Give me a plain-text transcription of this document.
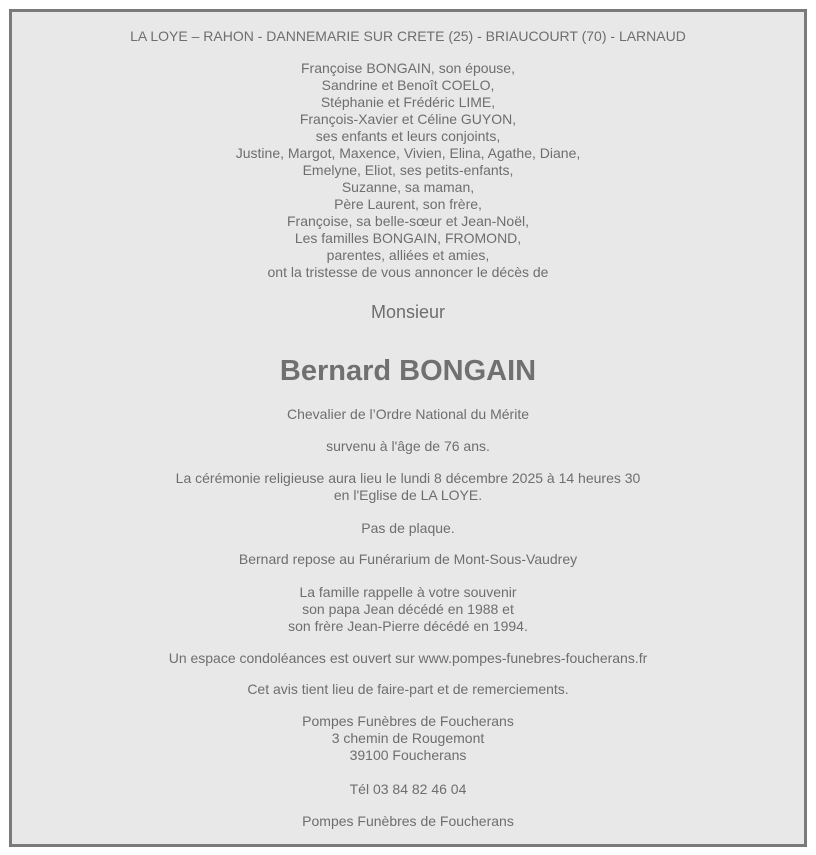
LA LOYE – RAHON - DANNEMARIE SUR CRETE (25) - BRIAUCOURT (70) - LARNAUD
Françoise BONGAIN, son épouse,
Sandrine et Benoît COELO,
Stéphanie et Frédéric LIME,
François-Xavier et Céline GUYON,
ses enfants et leurs conjoints,
Justine, Margot, Maxence, Vivien, Elina, Agathe, Diane,
Emelyne, Eliot, ses petits-enfants,
Suzanne, sa maman,
Père Laurent, son frère,
Françoise, sa belle-sœur et Jean-Noël,
Les familles BONGAIN, FROMOND,
parentes, alliées et amies,
ont la tristesse de vous annoncer le décès de
Monsieur
Bernard BONGAIN
Chevalier de l’Ordre National du Mérite
survenu à l'âge de 76 ans.
La cérémonie religieuse aura lieu le lundi 8 décembre 2025 à 14 heures 30
en l'Eglise de LA LOYE.
Pas de plaque.
Bernard repose au Funérarium de Mont-Sous-Vaudrey
La famille rappelle à votre souvenir
son papa Jean décédé en 1988 et
son frère Jean-Pierre décédé en 1994.
Un espace condoléances est ouvert sur www.pompes-funebres-foucherans.fr
Cet avis tient lieu de faire-part et de remerciements.
Pompes Funèbres de Foucherans
3 chemin de Rougemont
39100 Foucherans
Tél 03 84 82 46 04
Pompes Funèbres de Foucherans
